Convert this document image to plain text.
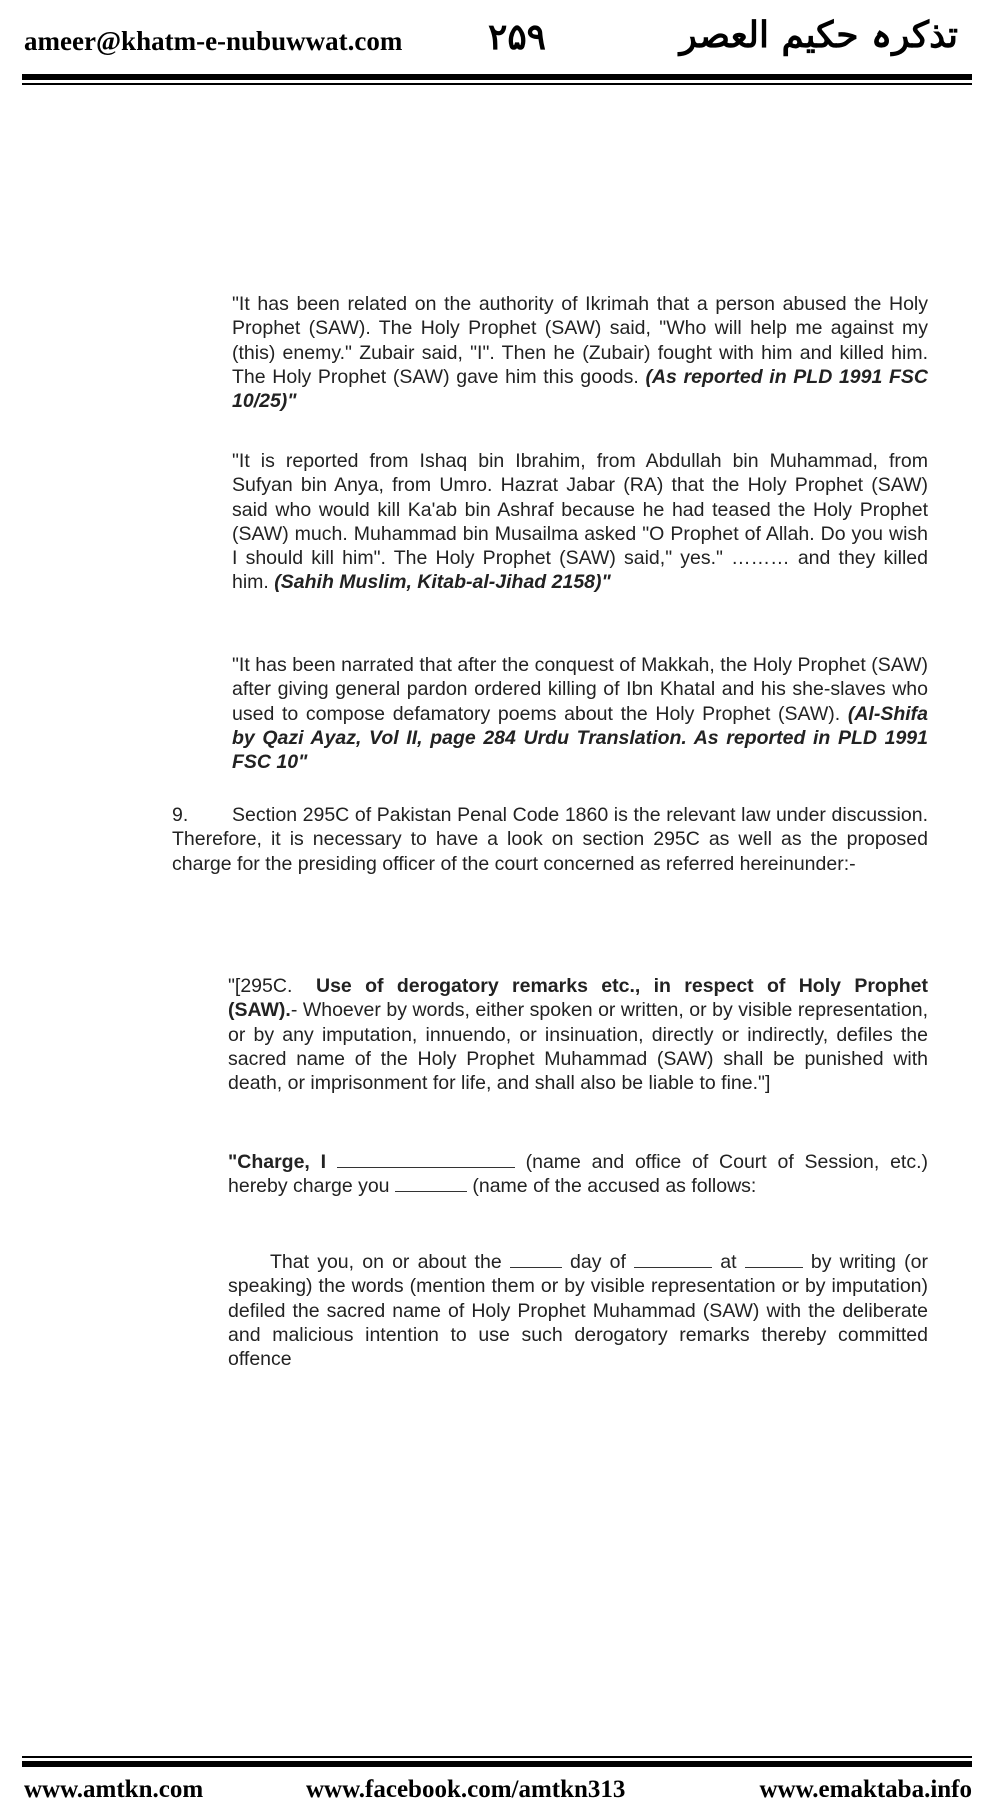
ameer@khatm-e-nubuwwat.com ۲۵۹	تذکرہ حکیم العصر

"It has been related on the authority of Ikrimah that a person abused the Holy Prophet (SAW). The Holy Prophet (SAW) said, "Who will help me against my (this) enemy." Zubair said, "I". Then he (Zubair) fought with him and killed him. The Holy Prophet (SAW) gave him this goods. (As reported in PLD 1991 FSC 10/25)"

"It is reported from Ishaq bin Ibrahim, from Abdullah bin Muhammad, from Sufyan bin Anya, from Umro. Hazrat Jabar (RA) that the Holy Prophet (SAW) said who would kill Ka'ab bin Ashraf because he had teased the Holy Prophet (SAW) much. Muhammad bin Musailma asked "O Prophet of Allah. Do you wish I should kill him". The Holy Prophet (SAW) said," yes." ……… and they killed him. (Sahih Muslim, Kitab-al-Jihad 2158)"

"It has been narrated that after the conquest of Makkah, the Holy Prophet (SAW) after giving general pardon ordered killing of Ibn Khatal and his she-slaves who used to compose defamatory poems about the Holy Prophet (SAW). (Al-Shifa by Qazi Ayaz, Vol II, page 284 Urdu Translation. As reported in PLD 1991 FSC 10"

9. Section 295C of Pakistan Penal Code 1860 is the relevant law under discussion. Therefore, it is necessary to have a look on section 295C as well as the proposed charge for the presiding officer of the court concerned as referred hereinunder:-

"[295C. Use of derogatory remarks etc., in respect of Holy Prophet (SAW).- Whoever by words, either spoken or written, or by visible representation, or by any imputation, innuendo, or insinuation, directly or indirectly, defiles the sacred name of the Holy Prophet Muhammad (SAW) shall be punished with death, or imprisonment for life, and shall also be liable to fine."]

"Charge, I	(name and office of Court of Session, etc.) hereby charge you	(name of the accused as follows:

That you, on or about the	day of	at	by writing (or speaking) the words (mention them or by visible representation or by imputation) defiled the sacred name of Holy Prophet Muhammad (SAW) with the deliberate and malicious intention to use such derogatory remarks thereby committed offence

www.amtkn.com	www.facebook.com/amtkn313	www.emaktaba.info
